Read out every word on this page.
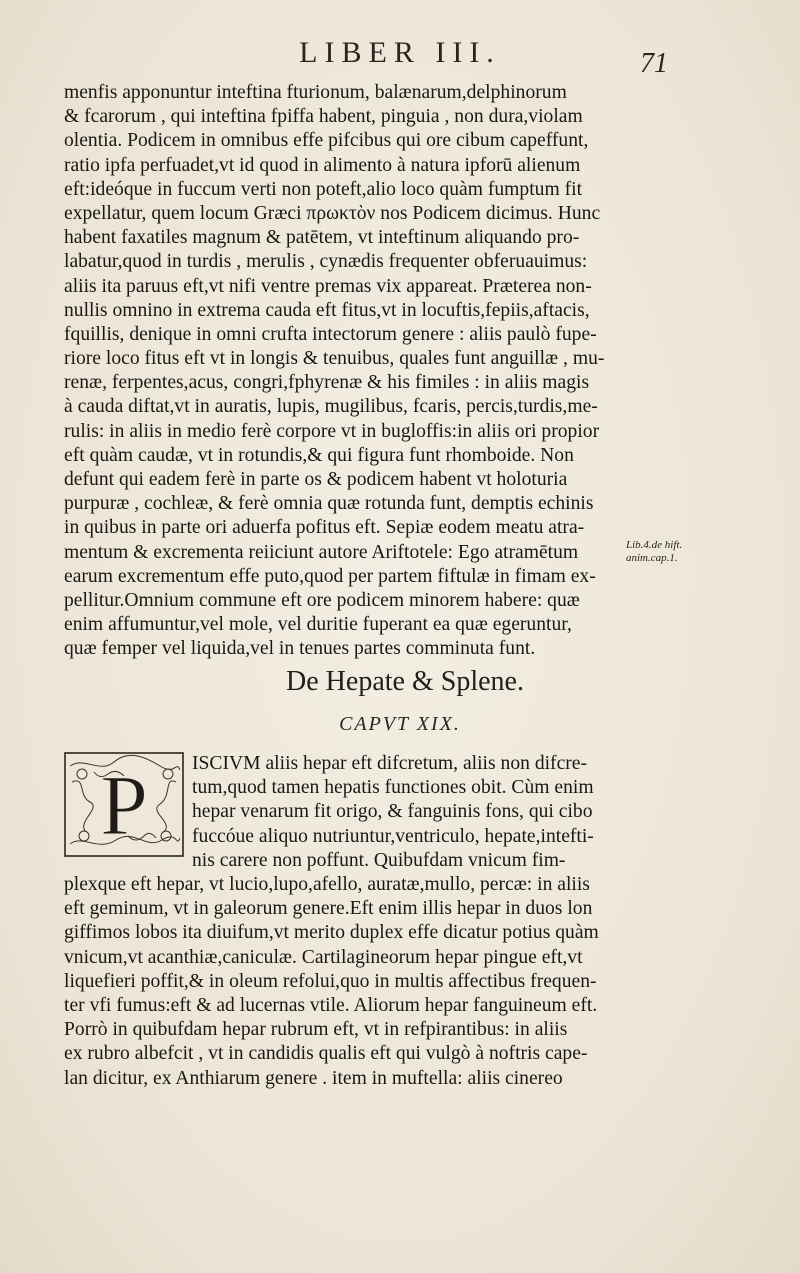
LIBER III.	71
menfis apponuntur inteftina fturionum, balænarum,delphinorum
& fcarorum , qui inteftina fpiffa habent, pinguia , non dura,violam
olentia. Podicem in omnibus effe pifcibus qui ore cibum capeffunt,
ratio ipfa perfuadet,vt id quod in alimento à natura ipforū alienum
eft:ideóque in fuccum verti non poteft,alio loco quàm fumptum fit
expellatur, quem locum Græci πρωκτὸν nos Podicem dicimus. Hunc
habent faxatiles magnum & patētem, vt inteftinum aliquando pro-
labatur,quod in turdis , merulis , cynædis frequenter obferuauimus:
aliis ita paruus eft,vt nifi ventre premas vix appareat. Præterea non-
nullis omnino in extrema cauda eft fitus,vt in locuftis,fepiis,aftacis,
fquillis, denique in omni crufta intectorum genere : aliis paulò fupe-
riore loco fitus eft vt in longis & tenuibus, quales funt anguillæ , mu-
renæ, ferpentes,acus, congri,fphyrenæ & his fimiles : in aliis magis
à cauda diftat,vt in auratis, lupis, mugilibus, fcaris, percis,turdis,me-
rulis: in aliis in medio ferè corpore vt in bugloffis:in aliis ori propior
eft quàm caudæ, vt in rotundis,& qui figura funt rhomboide. Non
defunt qui eadem ferè in parte os & podicem habent vt holoturia
purpuræ , cochleæ, & ferè omnia quæ rotunda funt, demptis echinis
in quibus in parte ori aduerfa pofitus eft. Sepiæ eodem meatu atra-
mentum & excrementa reiiciunt autore Ariftotele: Ego atramētum
earum excrementum effe puto,quod per partem fiftulæ in fimam ex-
pellitur.Omnium commune eft ore podicem minorem habere: quæ
enim affumuntur,vel mole, vel duritie fuperant ea quæ egeruntur,
quæ femper vel liquida,vel in tenues partes comminuta funt.
Lib.4.de hift.
anim.cap.1.
De Hepate & Splene.
CAPVT XIX.
P ISCIVM aliis hepar eft difcretum, aliis non difcre-
tum,quod tamen hepatis functiones obit. Cùm enim
hepar venarum fit origo, & fanguinis fons, qui cibo
fuccóue aliquo nutriuntur,ventriculo, hepate,intefti-
nis carere non poffunt. Quibufdam vnicum fim-
plexque eft hepar, vt lucio,lupo,afello, auratæ,mullo, percæ: in aliis
eft geminum, vt in galeorum genere.Eft enim illis hepar in duos lon
giffimos lobos ita diuifum,vt merito duplex effe dicatur potius quàm
vnicum,vt acanthiæ,caniculæ. Cartilagineorum hepar pingue eft,vt
liquefieri poffit,& in oleum refolui,quo in multis affectibus frequen-
ter vfi fumus:eft & ad lucernas vtile. Aliorum hepar fanguineum eft.
Porrò in quibufdam hepar rubrum eft, vt in refpirantibus: in aliis
ex rubro albefcit , vt in candidis qualis eft qui vulgò à noftris cape-
lan dicitur, ex Anthiarum genere . item in muftella: aliis cinereo
